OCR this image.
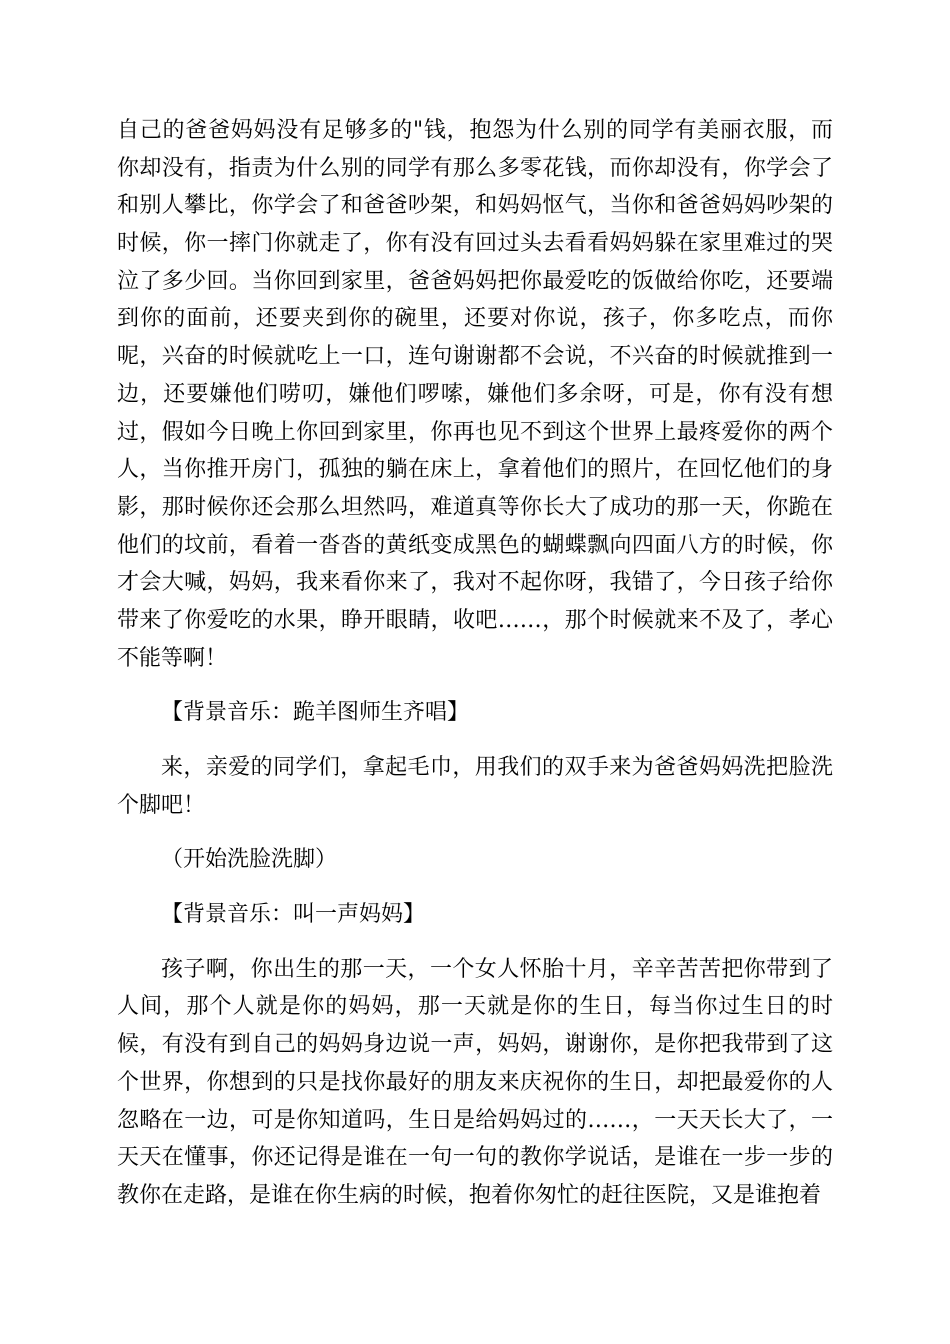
自己的爸爸妈妈没有足够多的"钱，抱怨为什么别的同学有美丽衣服，而
你却没有，指责为什么别的同学有那么多零花钱，而你却没有，你学会了
和别人攀比，你学会了和爸爸吵架，和妈妈怄气，当你和爸爸妈妈吵架的
时候，你一摔门你就走了，你有没有回过头去看看妈妈躲在家里难过的哭
泣了多少回。当你回到家里，爸爸妈妈把你最爱吃的饭做给你吃，还要端
到你的面前，还要夹到你的碗里，还要对你说，孩子，你多吃点，而你
呢，兴奋的时候就吃上一口，连句谢谢都不会说，不兴奋的时候就推到一
边，还要嫌他们唠叨，嫌他们啰嗦，嫌他们多余呀，可是，你有没有想
过，假如今日晚上你回到家里，你再也见不到这个世界上最疼爱你的两个
人，当你推开房门，孤独的躺在床上，拿着他们的照片，在回忆他们的身
影，那时候你还会那么坦然吗，难道真等你长大了成功的那一天，你跪在
他们的坟前，看着一沓沓的黄纸变成黑色的蝴蝶飘向四面八方的时候，你
才会大喊，妈妈，我来看你来了，我对不起你呀，我错了，今日孩子给你
带来了你爱吃的水果，睁开眼睛，收吧……，那个时候就来不及了，孝心
不能等啊！
【背景音乐：跪羊图师生齐唱】
来，亲爱的同学们，拿起毛巾，用我们的双手来为爸爸妈妈洗把脸洗
个脚吧！
（开始洗脸洗脚）
【背景音乐：叫一声妈妈】
孩子啊，你出生的那一天，一个女人怀胎十月，辛辛苦苦把你带到了
人间，那个人就是你的妈妈，那一天就是你的生日，每当你过生日的时
候，有没有到自己的妈妈身边说一声，妈妈，谢谢你，是你把我带到了这
个世界，你想到的只是找你最好的朋友来庆祝你的生日，却把最爱你的人
忽略在一边，可是你知道吗，生日是给妈妈过的……，一天天长大了，一
天天在懂事，你还记得是谁在一句一句的教你学说话，是谁在一步一步的
教你在走路，是谁在你生病的时候，抱着你匆忙的赶往医院，又是谁抱着
